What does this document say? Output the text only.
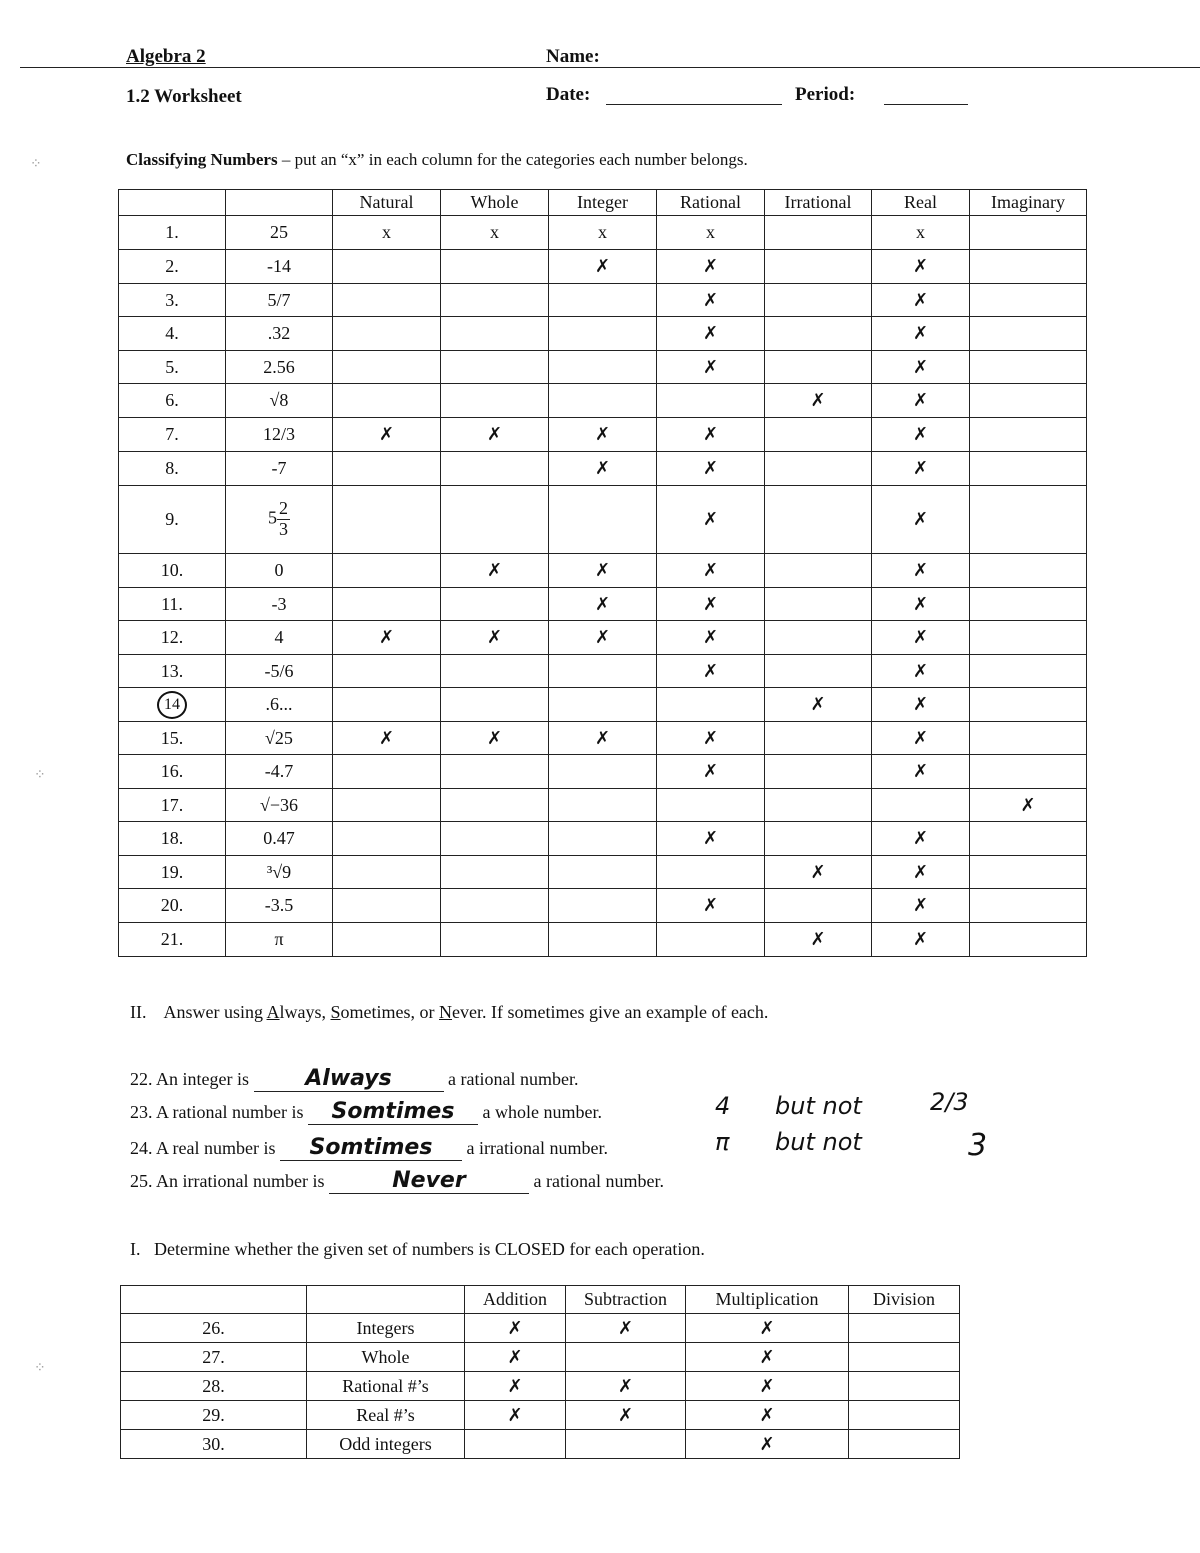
Algebra 2	Name:
1.2 Worksheet	Date:	Period:
Classifying Numbers – put an “x” in each column for the categories each number belongs.
		Natural	Whole	Integer	Rational	Irrational	Real	Imaginary
1.	25	x	x	x	x		x	
2.	-14			✗	✗		✗	
3.	5/7				✗		✗	
4.	.32				✗		✗	
5.	2.56				✗		✗	
6.	√8					✗	✗	
7.	12/3	✗	✗	✗	✗		✗	
8.	-7			✗	✗		✗	
9.	$5 \frac{2}{3}$				✗		✗	
10.	0		✗	✗	✗		✗	
11.	-3			✗	✗		✗	
12.	4	✗	✗	✗	✗		✗	
13.	-5/6				✗		✗	
14	.6...					✗	✗	
15.	√25	✗	✗	✗	✗		✗	
16.	-4.7				✗		✗	
17.	√−36							✗
18.	0.47				✗		✗	
19.	³√9					✗	✗	
20.	-3.5				✗		✗	
21.	π					✗	✗	
II. Answer using Always, Sometimes, or Never. If sometimes give an example of each.
22. An integer is	Always	a rational number.
23. A rational number is Somtimes a whole number.
24. A real number is Somtimes a irrational number.
25. An irrational number is	Never	a rational number.
4 but not	2/3
π but not	3
I. Determine whether the given set of numbers is CLOSED for each operation.
		Addition	Subtraction	Multiplication	Division
26.	Integers	✗	✗	✗	
27.	Whole	✗		✗	
28.	Rational #’s	✗	✗	✗	
29.	Real #’s	✗	✗	✗	
30.	Odd integers			✗	
⁘
⁘
⁘
